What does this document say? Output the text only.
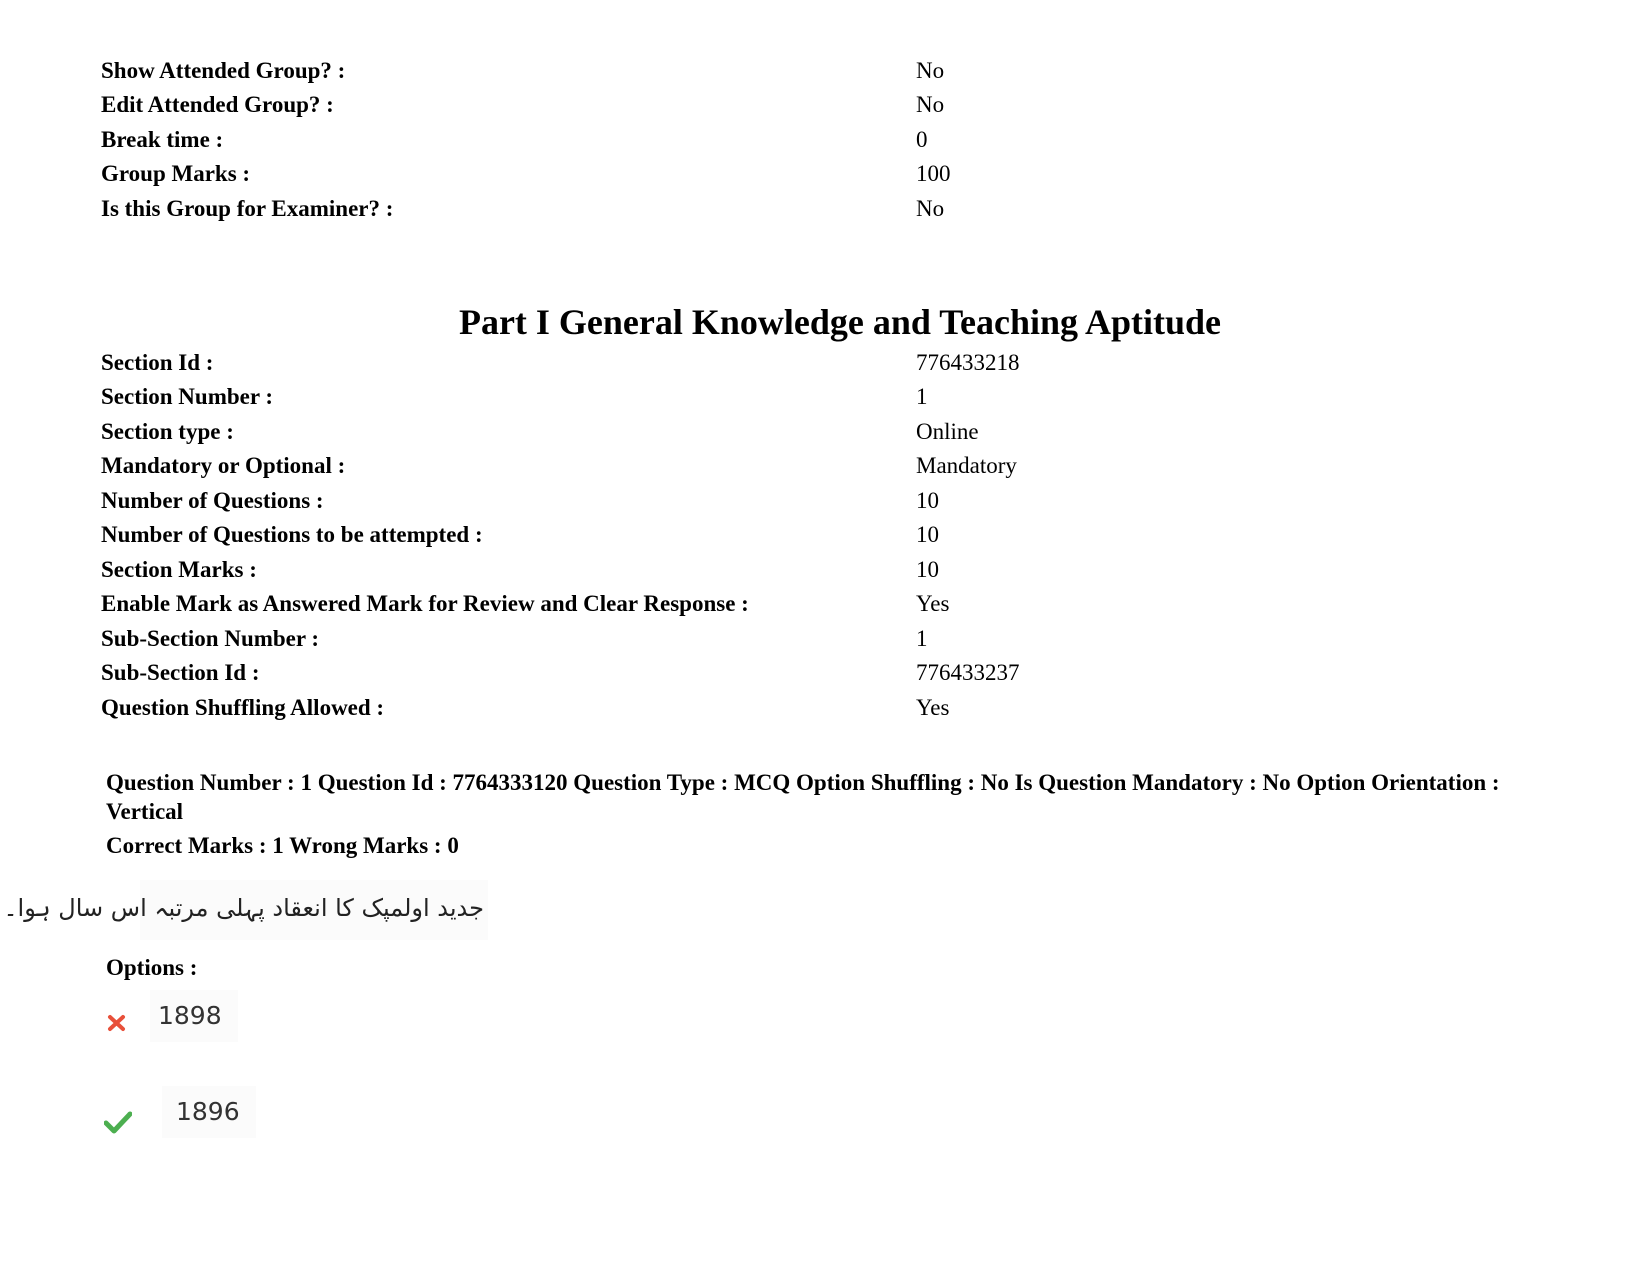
Show Attended Group? :	No
Edit Attended Group? :	No
Break time :	0
Group Marks :	100
Is this Group for Examiner? :	No
Part I General Knowledge and Teaching Aptitude
Section Id :	776433218
Section Number :	1
Section type :	Online
Mandatory or Optional :	Mandatory
Number of Questions :	10
Number of Questions to be attempted :	10
Section Marks :	10
Enable Mark as Answered Mark for Review and Clear Response :	Yes
Sub-Section Number :	1
Sub-Section Id :	776433237
Question Shuffling Allowed :	Yes
Question Number : 1 Question Id : 7764333120 Question Type : MCQ Option Shuffling : No Is Question Mandatory : No Option Orientation : Vertical
Correct Marks : 1 Wrong Marks : 0
جدید اولمپک کا انعقاد پہلی مرتبہ اس سال ہوا۔
Options :
1898
1896
